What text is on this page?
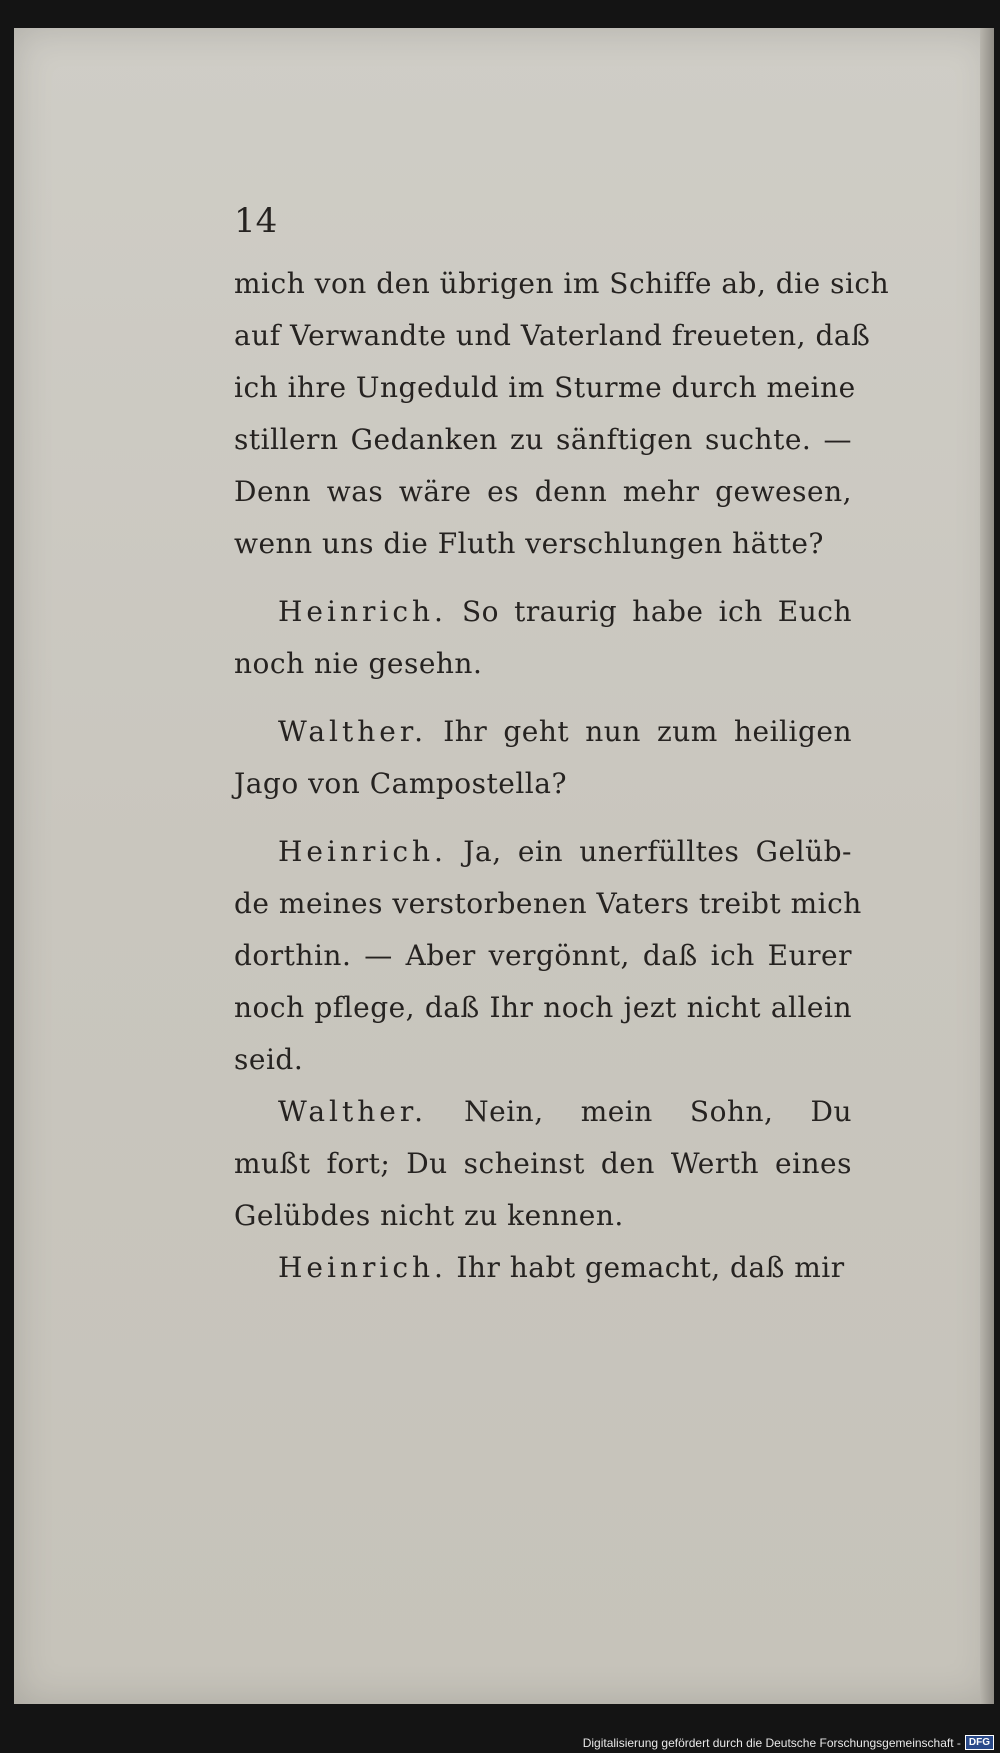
14
mich von den übrigen im Schiffe ab, die sich
auf Verwandte und Vaterland freueten, daß
ich ihre Ungeduld im Sturme durch meine
stillern Gedanken zu sänftigen suchte. —
Denn was wäre es denn mehr gewesen,
wenn uns die Fluth verschlungen hätte?
Heinrich. So traurig habe ich Euch
noch nie gesehn.
Walther. Ihr geht nun zum heiligen
Jago von Campostella?
Heinrich. Ja, ein unerfülltes Gelüb-
de meines verstorbenen Vaters treibt mich
dorthin. — Aber vergönnt, daß ich Eurer
noch pflege, daß Ihr noch jezt nicht allein
seid.
Walther. Nein, mein Sohn, Du
mußt fort; Du scheinst den Werth eines
Gelübdes nicht zu kennen.
Heinrich. Ihr habt gemacht, daß mir
Digitalisierung gefördert durch die Deutsche Forschungsgemeinschaft - DFG
